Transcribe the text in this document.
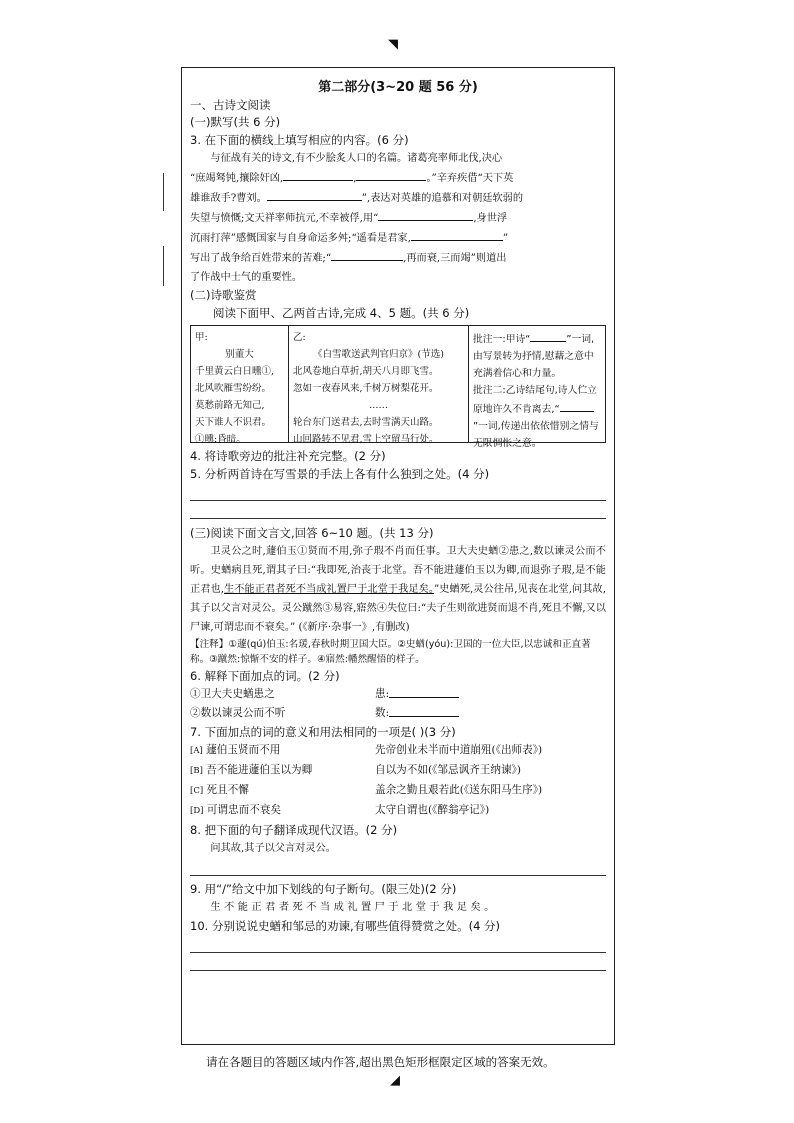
◥
第二部分(3~20 题 56 分)
一、古诗文阅读
(一)默写(共 6 分)
3. 在下面的横线上填写相应的内容。(6 分)
与征战有关的诗文,有不少脍炙人口的名篇。诸葛亮率师北伐,决心
“庶竭驽钝,攘除奸凶,	,	。”辛弃疾借“天下英
雄谁敌手?曹刘。	”,表达对英雄的追慕和对朝廷软弱的
失望与愤慨;文天祥率师抗元,不幸被俘,用“	,身世浮
沉雨打萍”感慨国家与自身命运多舛;“遥看是君家,	”
写出了战争给百姓带来的苦难;“	,再而衰,三而竭”则道出
了作战中士气的重要性。
(二)诗歌鉴赏
阅读下面甲、乙两首古诗,完成 4、5 题。(共 6 分)
甲:
别董大
千里黄云白日曛①,
北风吹雁雪纷纷。
莫愁前路无知己,
天下谁人不识君。
①曛:昏暗。
乙:
《白雪歌送武判官归京》(节选)
北风卷地白草折,胡天八月即飞雪。
忽如一夜春风来,千树万树梨花开。
……
轮台东门送君去,去时雪满天山路。
山回路转不见君,雪上空留马行处。
批注一:甲诗“	”一词,由写景转为抒情,慰藉之意中充满着信心和力量。
批注二:乙诗结尾句,诗人伫立原地许久不肯离去,“”一词,传递出依依惜别之情与无限惆怅之意。
4. 将诗歌旁边的批注补充完整。(2 分)
5. 分析两首诗在写雪景的手法上各有什么独到之处。(4 分)
(三)阅读下面文言文,回答 6~10 题。(共 13 分)
卫灵公之时,蘧伯玉①贤而不用,弥子瑕不肖而任事。卫大夫史蝤②患之,数以谏灵公而不听。史蝤病且死,谓其子曰:“我即死,治丧于北堂。吾不能进蘧伯玉以为卿,而退弥子瑕,是不能正君也,生不能正君者死不当成礼置尸于北堂于我足矣。”史蝤死,灵公往吊,见丧在北堂,问其故,其子以父言对灵公。灵公蹴然③易容,寤然④失位曰:“夫子生则欲进贤而退不肖,死且不懈,又以尸谏,可谓忠而不衰矣。” (《新序·杂事一》,有删改)
【注释】①蘧(qú)伯玉:名瑗,春秋时期卫国大臣。②史蝤(yóu):卫国的一位大臣,以忠诚和正直著称。③蹴然:惊惭不安的样子。④寤然:幡然醒悟的样子。
6. 解释下面加点的词。(2 分)
①卫大夫史蝤患之	患:
②数以谏灵公而不听	数:
7. 下面加点的词的意义和用法相同的一项是( )(3 分)
[A] 蘧伯玉贤而不用	先帝创业未半而中道崩殂(《出师表》)
[B] 吾不能进蘧伯玉以为卿	自以为不如(《邹忌讽齐王纳谏》)
[C] 死且不懈	盖余之勤且艰若此(《送东阳马生序》)
[D] 可谓忠而不衰矣	太守自谓也(《醉翁亭记》)
8. 把下面的句子翻译成现代汉语。(2 分)
问其故,其子以父言对灵公。
9. 用“/”给文中加下划线的句子断句。(限三处)(2 分)
生不能正君者死不当成礼置尸于北堂于我足矣。
10. 分别说说史蝤和邹忌的劝谏,有哪些值得赞赏之处。(4 分)
请在各题目的答题区域内作答,超出黑色矩形框限定区域的答案无效。
◢
